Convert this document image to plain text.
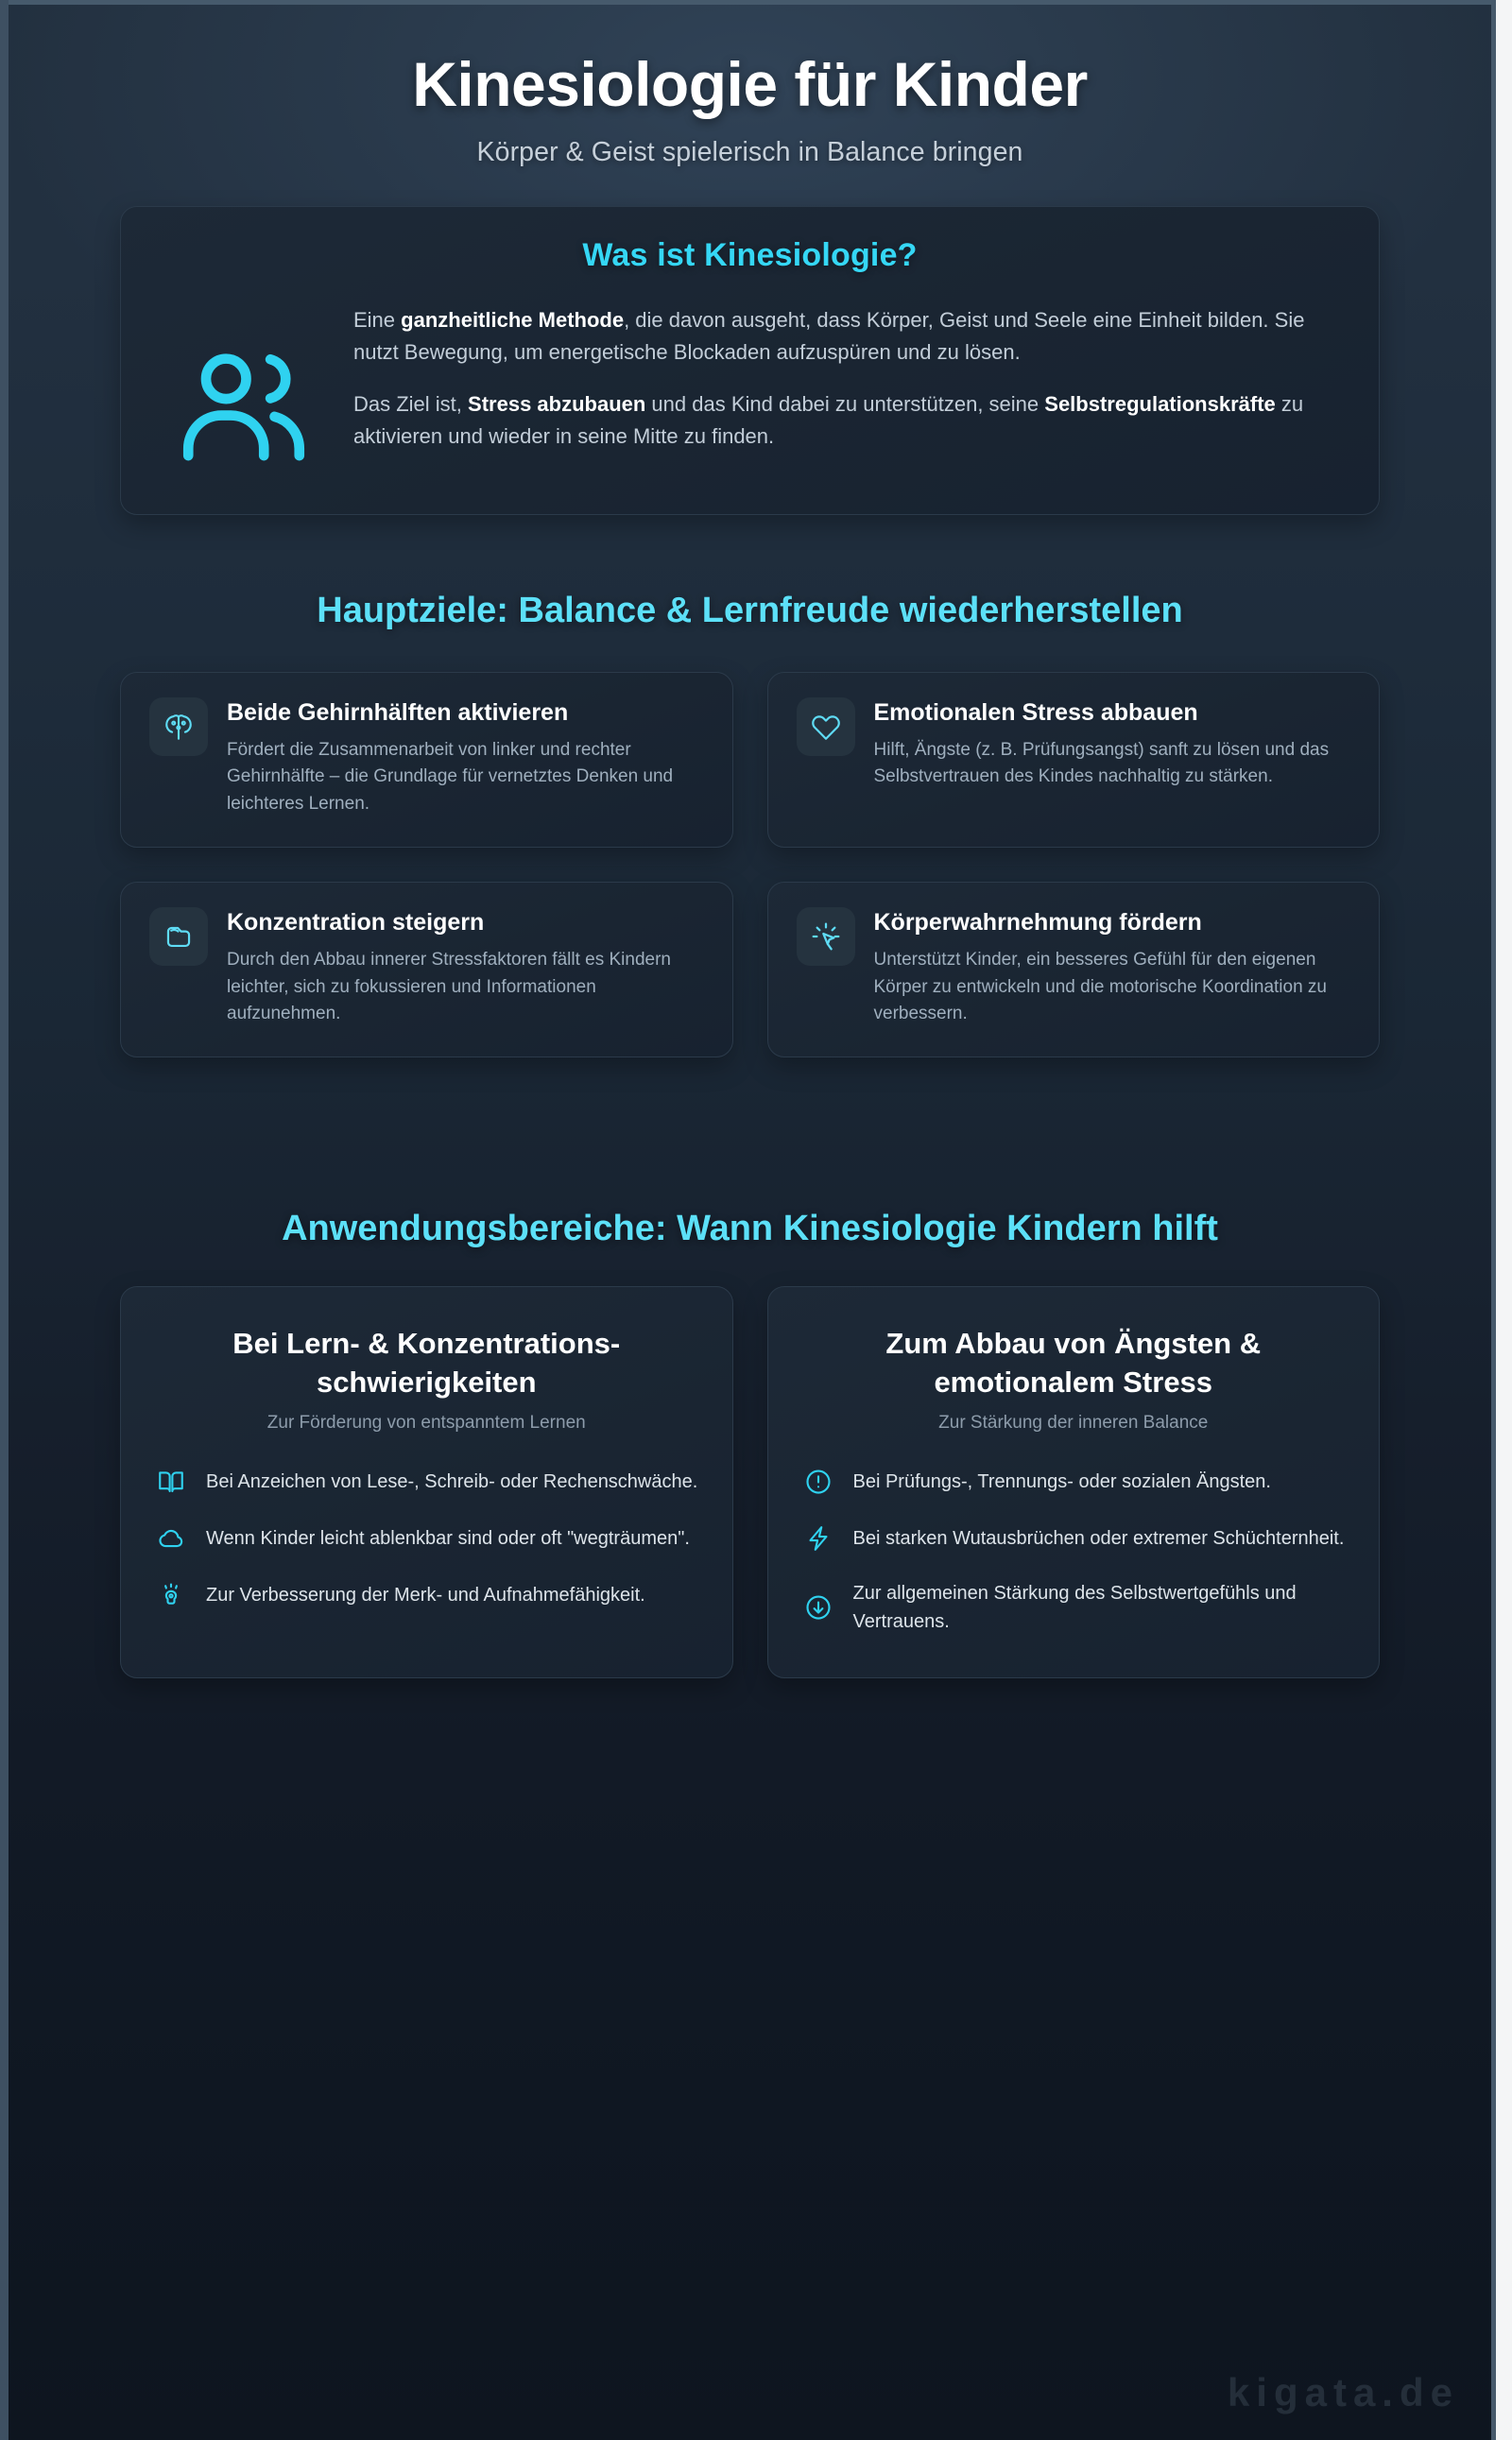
Kinesiologie für Kinder
Körper & Geist spielerisch in Balance bringen
Was ist Kinesiologie?

Eine ganzheitliche Methode, die davon ausgeht, dass Körper, Geist und Seele eine Einheit bilden. Sie nutzt Bewegung, um energetische Blockaden aufzuspüren und zu lösen.

Das Ziel ist, Stress abzubauen und das Kind dabei zu unterstützen, seine Selbstregulationskräfte zu aktivieren und wieder in seine Mitte zu finden.

Hauptziele: Balance & Lernfreude wiederherstellen
Beide Gehirnhälften aktivieren
Fördert die Zusammenarbeit von linker und rechter Gehirnhälfte – die Grundlage für vernetztes Denken und leichteres Lernen.
Emotionalen Stress abbauen
Hilft, Ängste (z. B. Prüfungsangst) sanft zu lösen und das Selbstvertrauen des Kindes nachhaltig zu stärken.
Konzentration steigern
Durch den Abbau innerer Stressfaktoren fällt es Kindern leichter, sich zu fokussieren und Informationen aufzunehmen.
Körperwahrnehmung fördern
Unterstützt Kinder, ein besseres Gefühl für den eigenen Körper zu entwickeln und die motorische Koordination zu verbessern.
Anwendungsbereiche: Wann Kinesiologie Kindern hilft
Bei Lern- & Konzentrations-schwierigkeiten
Zur Förderung von entspanntem Lernen
Bei Anzeichen von Lese-, Schreib- oder Rechenschwäche.
Wenn Kinder leicht ablenkbar sind oder oft "wegträumen".
Zur Verbesserung der Merk- und Aufnahmefähigkeit.
Zum Abbau von Ängsten & emotionalem Stress
Zur Stärkung der inneren Balance
Bei Prüfungs-, Trennungs- oder sozialen Ängsten.
Bei starken Wutausbrüchen oder extremer Schüchternheit.
Zur allgemeinen Stärkung des Selbstwertgefühls und Vertrauens.
kigata.de
